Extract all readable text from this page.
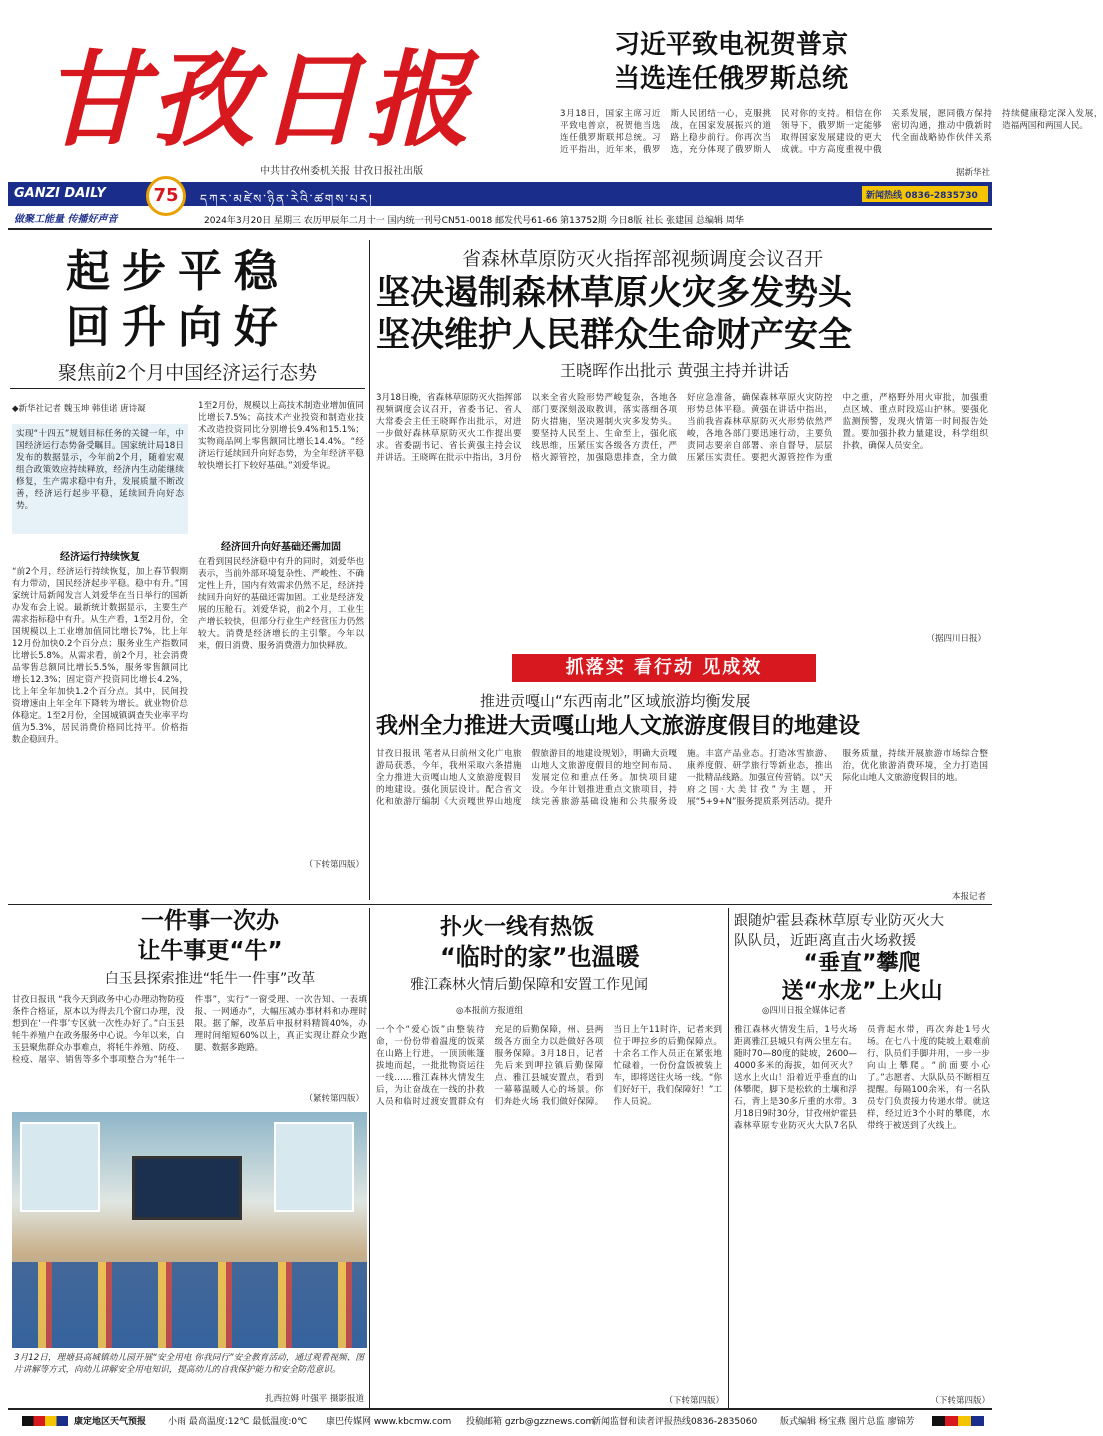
甘孜日报
中共甘孜州委机关报 甘孜日报社出版
GANZI DAILY	75	དཀར་མཛེས་ཉིན་རེའི་ཚགས་པར།	新闻热线 0836-2835730
做聚工能量 传播好声音	2024年3月20日 星期三 农历甲辰年二月十一 国内统一刊号CN51-0018 邮发代号61-66 第13752期 今日8版 社长 张建国 总编辑 周华
习近平致电祝贺普京
当选连任俄罗斯总统
3月18日，国家主席习近平致电普京，祝贺他当选连任俄罗斯联邦总统。习近平指出，近年来，俄罗斯人民团结一心，克服挑战，在国家发展振兴的道路上稳步前行。你再次当选，充分体现了俄罗斯人民对你的支持。相信在你领导下，俄罗斯一定能够取得国家发展建设的更大成就。中方高度重视中俄关系发展，愿同俄方保持密切沟通，推动中俄新时代全面战略协作伙伴关系持续健康稳定深入发展，造福两国和两国人民。
据新华社
起步平稳
回升向好
聚焦前2个月中国经济运行态势
◆新华社记者 魏玉坤 韩佳诺 唐诗凝
实现“十四五”规划目标任务的关键一年，中国经济运行态势备受瞩目。国家统计局18日发布的数据显示，今年前2个月，随着宏观组合政策效应持续释放，经济内生动能继续修复，生产需求稳中有升，发展质量不断改善，经济运行起步平稳，延续回升向好态势。
经济运行持续恢复
“前2个月，经济运行持续恢复，加上春节假期有力带动，国民经济起步平稳。稳中有升。”国家统计局新闻发言人刘爱华在当日举行的国新办发布会上说。最新统计数据显示，主要生产需求指标稳中有升。从生产看，1至2月份，全国规模以上工业增加值同比增长7%，比上年12月份加快0.2个百分点；服务业生产指数同比增长5.8%。从需求看，前2个月，社会消费品零售总额同比增长5.5%，服务零售额同比增长12.3%；固定资产投资同比增长4.2%，比上年全年加快1.2个百分点。其中，民间投资增速由上年全年下降转为增长。就业物价总体稳定。1至2月份，全国城镇调查失业率平均值为5.3%，居民消费价格同比持平。价格指数企稳回升。
1至2月份，规模以上高技术制造业增加值同比增长7.5%；高技术产业投资和制造业技术改造投资同比分别增长9.4%和15.1%；实物商品网上零售额同比增长14.4%。“经济运行延续回升向好态势，为全年经济平稳较快增长打下较好基础。”刘爱华说。
经济回升向好基础还需加固
在看到国民经济稳中有升的同时，刘爱华也表示，当前外部环境复杂性、严峻性、不确定性上升，国内有效需求仍然不足，经济持续回升向好的基础还需加固。工业是经济发展的压舱石。刘爱华说，前2个月，工业生产增长较快，但部分行业生产经营压力仍然较大。消费是经济增长的主引擎。今年以来，假日消费、服务消费潜力加快释放。
（下转第四版）
省森林草原防灭火指挥部视频调度会议召开
坚决遏制森林草原火灾多发势头
坚决维护人民群众生命财产安全
王晓晖作出批示 黄强主持并讲话
3月18日晚，省森林草原防灭火指挥部视频调度会议召开，省委书记、省人大常委会主任王晓晖作出批示，对进一步做好森林草原防灭火工作提出要求。省委副书记、省长黄强主持会议并讲话。王晓晖在批示中指出，3月份以来全省火险形势严峻复杂，各地各部门要深刻汲取教训，落实落细各项防火措施，坚决遏制火灾多发势头。要坚持人民至上、生命至上，强化底线思维，压紧压实各级各方责任，严格火源管控，加强隐患排查，全力做好应急准备，确保森林草原火灾防控形势总体平稳。黄强在讲话中指出，当前我省森林草原防灭火形势依然严峻，各地各部门要迅速行动，主要负责同志要亲自部署、亲自督导，层层压紧压实责任。要把火源管控作为重中之重，严格野外用火审批，加强重点区域、重点时段巡山护林。要强化监测预警，发现火情第一时间报告处置。要加强扑救力量建设，科学组织扑救，确保人员安全。
（据四川日报）
抓落实 看行动 见成效
推进贡嘎山“东西南北”区域旅游均衡发展
我州全力推进大贡嘎山地人文旅游度假目的地建设
甘孜日报讯 笔者从日前州文化广电旅游局获悉，今年，我州采取六条措施全力推进大贡嘎山地人文旅游度假目的地建设。强化顶层设计。配合省文化和旅游厅编制《大贡嘎世界山地度假旅游目的地建设规划》，明确大贡嘎山地人文旅游度假目的地空间布局、发展定位和重点任务。加快项目建设。今年计划推进重点文旅项目，持续完善旅游基础设施和公共服务设施。丰富产品业态。打造冰雪旅游、康养度假、研学旅行等新业态，推出一批精品线路。加强宣传营销。以“天府之国·大美甘孜”为主题，开展“5+9+N”服务提质系列活动。提升服务质量，持续开展旅游市场综合整治，优化旅游消费环境，全力打造国际化山地人文旅游度假目的地。
本报记者
一件事一次办
让牛事更“牛”
白玉县探索推进“牦牛一件事”改革
甘孜日报讯 “我今天到政务中心办理动物防疫条件合格证，原本以为得去几个窗口办理，没想到在‘一件事’专区就一次性办好了。”白玉县牦牛养殖户在政务服务中心说。今年以来，白玉县聚焦群众办事难点，将牦牛养殖、防疫、检疫、屠宰、销售等多个事项整合为“牦牛一件事”，实行“一窗受理、一次告知、一表填报、一网通办”，大幅压减办事材料和办理时限。据了解，改革后申报材料精简40%，办理时间缩短60%以上，真正实现让群众少跑腿、数据多跑路。
（紧转第四版）
3月12日，理塘县高城镇幼儿园开展“安全用电 你我同行”安全教育活动，通过观看视频、图片讲解等方式，向幼儿讲解安全用电知识，提高幼儿的自我保护能力和安全防范意识。
扎西拉姆 叶强平 摄影报道
扑火一线有热饭
“临时的家”也温暖
雅江森林火情后勤保障和安置工作见闻
◎本报前方报道组
一个个“爱心饭”由整装待命，一份份带着温度的饭菜在山路上行进，一顶顶帐篷拔地而起，一批批物资运往一线……雅江森林火情发生后，为让奋战在一线的扑救人员和临时过渡安置群众有充足的后勤保障，州、县两级各方面全力以赴做好各项服务保障。3月18日，记者先后来到呷拉镇后勤保障点、雅江县城安置点，看到一幕幕温暖人心的场景。你们奔赴火场 我们做好保障。当日上午11时许，记者来到位于呷拉乡的后勤保障点。十余名工作人员正在紧张地忙碌着，一份份盒饭被装上车，即将送往火场一线。“你们好好干，我们保障好！”工作人员说。
（下转第四版）
跟随炉霍县森林草原专业防灭火大
队队员，近距离直击火场救援
“垂直”攀爬
送“水龙”上火山
◎四川日报全媒体记者
雅江森林火情发生后，1号火场距离雅江县城只有两公里左右。随时70—80度的陡坡，2600—4000多米的海拔，如何灭火？送水上火山！沿着近乎垂直的山体攀爬，脚下是松软的土壤和浮石，背上是30多斤重的水带。3月18日9时30分，甘孜州炉霍县森林草原专业防灭火大队7名队员背起水带，再次奔赴1号火场。在七八十度的陡坡上艰难前行，队员们手脚并用，一步一步向山上攀爬。“前面要小心了。”志愿者、大队队员不断相互提醒。每隔100余米，有一名队员专门负责接力传递水带。就这样，经过近3个小时的攀爬，水带终于被送到了火线上。
（下转第四版）
康定地区天气预报 小雨 最高温度:12℃ 最低温度:0℃ 康巴传媒网 www.kbcmw.com 投稿邮箱 gzrb@gzznews.com
新闻监督和读者评报热线0836-2835060	版式编辑 杨宝燕 图片总监 廖锦芳
